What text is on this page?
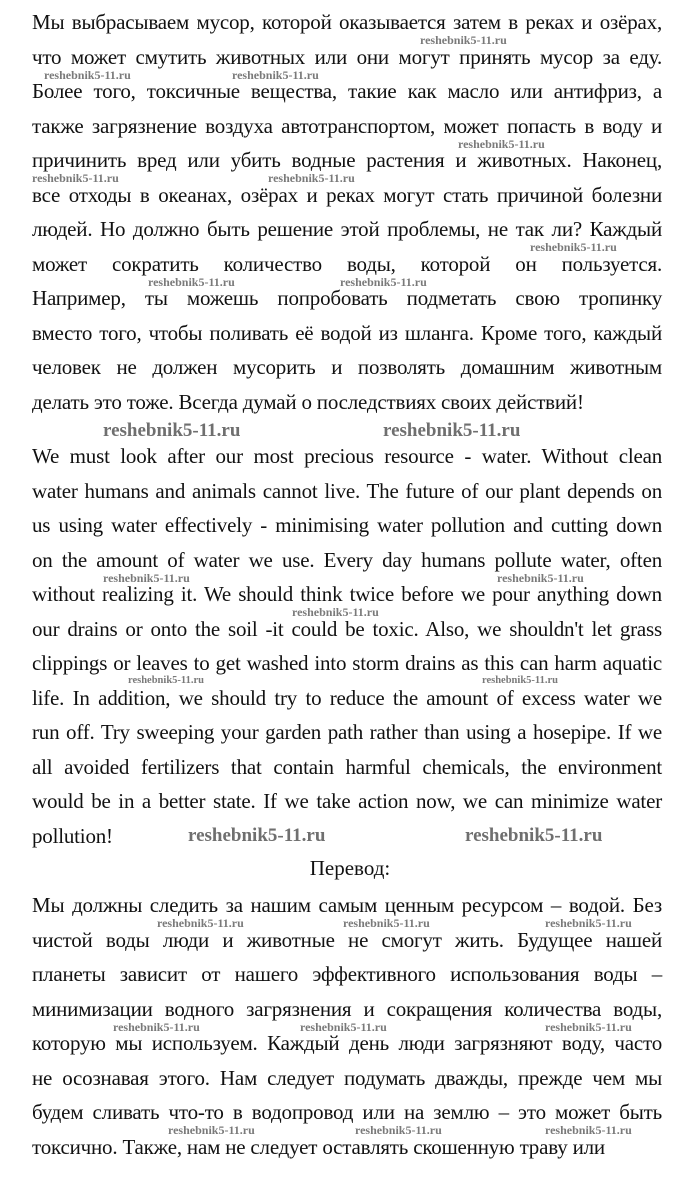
Мы выбрасываем мусор, которой оказывается затем в реках и озёрах,
что может смутить животных или они могут принять мусор за еду.
Более того, токсичные вещества, такие как масло или антифриз, а
также загрязнение воздуха автотранспортом, может попасть в воду и
причинить вред или убить водные растения и животных. Наконец,
все отходы в океанах, озёрах и реках могут стать причиной болезни
людей. Но должно быть решение этой проблемы, не так ли? Каждый
может сократить количество воды, которой он пользуется.
Например, ты можешь попробовать подметать свою тропинку
вместо того, чтобы поливать её водой из шланга. Кроме того, каждый
человек не должен мусорить и позволять домашним животным
делать это тоже. Всегда думай о последствиях своих действий!
We must look after our most precious resource - water. Without clean
water humans and animals cannot live. The future of our plant depends on
us using water effectively - minimising water pollution and cutting down
on the amount of water we use. Every day humans pollute water, often
without realizing it. We should think twice before we pour anything down
our drains or onto the soil -it could be toxic. Also, we shouldn't let grass
clippings or leaves to get washed into storm drains as this can harm aquatic
life. In addition, we should try to reduce the amount of excess water we
run off. Try sweeping your garden path rather than using a hosepipe. If we
all avoided fertilizers that contain harmful chemicals, the environment
would be in a better state. If we take action now, we can minimize water
pollution!
Перевод:
Мы должны следить за нашим самым ценным ресурсом – водой. Без
чистой воды люди и животные не смогут жить. Будущее нашей
планеты зависит от нашего эффективного использования воды –
минимизации водного загрязнения и сокращения количества воды,
которую мы используем. Каждый день люди загрязняют воду, часто
не осознавая этого. Нам следует подумать дважды, прежде чем мы
будем сливать что-то в водопровод или на землю – это может быть
токсично. Также, нам не следует оставлять скошенную траву или
reshebnik5-11.ru
reshebnik5-11.ru	reshebnik5-11.ru
reshebnik5-11.ru
reshebnik5-11.ru	reshebnik5-11.ru
reshebnik5-11.ru
reshebnik5-11.ru	reshebnik5-11.ru
reshebnik5-11.ru	reshebnik5-11.ru
reshebnik5-11.ru	reshebnik5-11.ru
reshebnik5-11.ru
reshebnik5-11.ru	reshebnik5-11.ru
reshebnik5-11.ru	reshebnik5-11.ru
reshebnik5-11.ru	reshebnik5-11.ru	reshebnik5-11.ru
reshebnik5-11.ru	reshebnik5-11.ru	reshebnik5-11.ru
reshebnik5-11.ru	reshebnik5-11.ru	reshebnik5-11.ru
